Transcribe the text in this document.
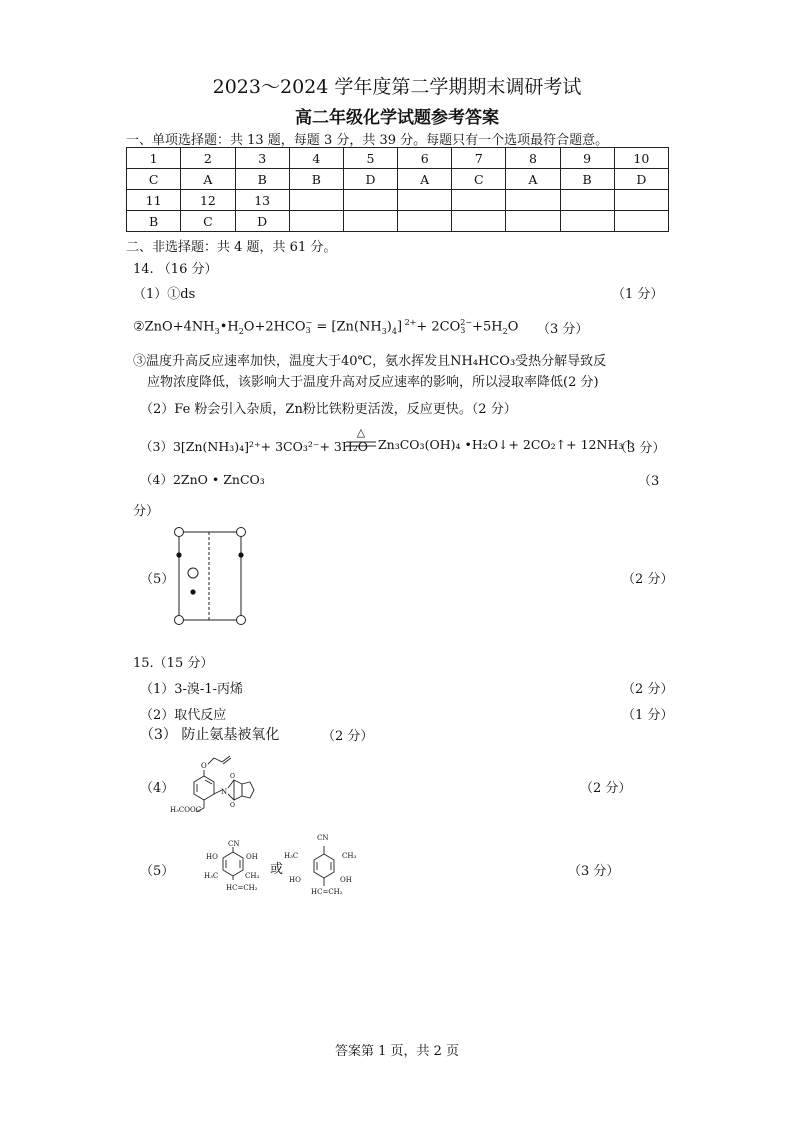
2023～2024 学年度第二学期期末调研考试
高二年级化学试题参考答案
一、单项选择题：共 13 题，每题 3 分，共 39 分。每题只有一个选项最符合题意。
1	2	3	4	5	6	7	8	9	10
C	A	B	B	D	A	C	A	B	D
11	12	13							
B	C	D							
二、非选择题：共 4 题，共 61 分。
14. （16 分）
（1）①ds	（1 分）
$②ZnO+4NH_3•H_2O+2HCO-$
$3 = [Zn(NH_3)_4]$ $^{2+}$+ 2CO2−
$3 +5H_2O$ （3 分）
③温度升高反应速率加快，温度大于40℃，氨水挥发且NH₄HCO₃受热分解导致反
应物浓度降低，该影响大于温度升高对反应速率的影响，所以浸取率降低(2 分)
（2）Fe 粉会引入杂质，Zn粉比铁粉更活泼，反应更快。（2 分）
（3）3[Zn(NH₃)₄]²⁺+ 3CO₃²⁻+ 3H₂O
△
Zn₃CO₃(OH)₄ •H₂O↓+ 2CO₂↑+ 12NH₃↑
（3 分）
（4）2ZnO • ZnCO₃	（3
分）
（5）	（2 分）
15.（15 分）
（1）3-溴-1-丙烯	（2 分）
（2）取代反应	（1 分）
（3） 防止氨基被氧化	（2 分）
（4）
O
N
O
O
H₃COOC
（2 分）
（5）
CN
HO	OH
H₃C	CH₃
HC=CH₂
或
CN
H₃C	CH₃
HO	OH
HC=CH₂
（3 分）
答案第 1 页，共 2 页
